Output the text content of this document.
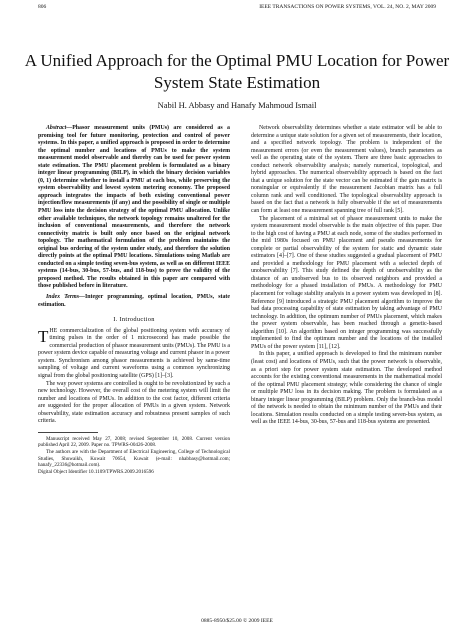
806	IEEE TRANSACTIONS ON POWER SYSTEMS, VOL. 24, NO. 2, MAY 2009
A Unified Approach for the Optimal PMU Location for Power System State Estimation
Nabil H. Abbasy and Hanafy Mahmoud Ismail

Abstract—Phasor measurement units (PMUs) are considered as a promising tool for future monitoring, protection and control of power systems. In this paper, a unified approach is proposed in order to determine the optimal number and locations of PMUs to make the system measurement model observable and thereby can be used for power system state estimation. The PMU placement problem is formulated as a binary integer linear programming (BILP), in which the binary decision variables (0, 1) determine whether to install a PMU at each bus, while preserving the system observability and lowest system metering economy. The proposed approach integrates the impacts of both existing conventional power injection/flow measurements (if any) and the possibility of single or multiple PMU loss into the decision strategy of the optimal PMU allocation. Unlike other available techniques, the network topology remains unaltered for the inclusion of conventional measurements, and therefore the network connectivity matrix is built only once based on the original network topology. The mathematical formulation of the problem maintains the original bus ordering of the system under study, and therefore the solution directly points at the optimal PMU locations. Simulations using Matlab are conducted on a simple testing seven-bus system, as well as on different IEEE systems (14-bus, 30-bus, 57-bus, and 118-bus) to prove the validity of the proposed method. The results obtained in this paper are compared with those published before in literature.

Index Terms—Integer programming, optimal location, PMUs, state estimation.

I. Introduction

THE commercialization of the global positioning system with accuracy of timing pulses in the order of 1 microsecond has made possible the commercial production of phasor measurement units (PMUs). The PMU is a power system device capable of measuring voltage and current phasor in a power system. Synchronism among phasor measurements is achieved by same-time sampling of voltage and current waveforms using a common synchronizing signal from the global positioning satellite (GPS) [1]–[3].

The way power systems are controlled is ought to be revolutionized by such a new technology. However, the overall cost of the metering system will limit the number and locations of PMUs. In addition to the cost factor, different criteria are suggested for the proper allocation of PMUs in a given system. Network observability, state estimation accuracy and robustness present samples of such criteria.

Manuscript received May 27, 2008; revised September 10, 2008. Current version published April 22, 2009. Paper no. TPWRS-00426-2008.

The authors are with the Department of Electrical Engineering, College of Technological Studies, Shuwaikh, Kuwait 70654, Kuwait (e-mail: nhabbasy@hotmail.com; hanafy_22336@hotmail.com).

Digital Object Identifier 10.1109/TPWRS.2009.2016596

Network observability determines whether a state estimator will be able to determine a unique state solution for a given set of measurements, their location, and a specified network topology. The problem is independent of the measurement errors (or even the measurement values), branch parameters as well as the operating state of the system. There are three basic approaches to conduct network observability analysis; namely numerical, topological, and hybrid approaches. The numerical observability approach is based on the fact that a unique solution for the state vector can be estimated if the gain matrix is nonsingular or equivalently if the measurement Jacobian matrix has a full column rank and well conditioned. The topological observability approach is based on the fact that a network is fully observable if the set of measurements can form at least one measurement spanning tree of full rank [5].

The placement of a minimal set of phasor measurement units to make the system measurement model observable is the main objective of this paper. Due to the high cost of having a PMU at each node, some of the studies performed in the mid 1980s focused on PMU placement and pseudo measurements for complete or partial observability of the system for static and dynamic state estimators [4]–[7]. One of these studies suggested a gradual placement of PMU and provided a methodology for PMU placement with a selected depth of unobservability [7]. This study defined the depth of unobservability as the distance of an unobserved bus to its observed neighbors and provided a methodology for a phased installation of PMUs. A methodology for PMU placement for voltage stability analysis in a power system was developed in [8]. Reference [9] introduced a strategic PMU placement algorithm to improve the bad data processing capability of state estimation by taking advantage of PMU technology. In addition, the optimum number of PMUs placement, which makes the power system observable, has been reached through a genetic-based algorithm [10]. An algorithm based on integer programming was successfully implemented to find the optimum number and the locations of the installed PMUs of the power system [11], [12].

In this paper, a unified approach is developed to find the minimum number (least cost) and locations of PMUs, such that the power network is observable, as a priori step for power system state estimation. The developed method accounts for the existing conventional measurements in the mathematical model of the optimal PMU placement strategy; while considering the chance of single or multiple PMU loss in its decision making. The problem is formulated as a binary integer linear programming (BILP) problem. Only the branch-bus model of the network is needed to obtain the minimum number of the PMUs and their locations. Simulation results conducted on a simple testing seven-bus system, as well as the IEEE 14-bus, 30-bus, 57-bus and 118-bus systems are presented.

0885-8950/$25.00 © 2009 IEEE
